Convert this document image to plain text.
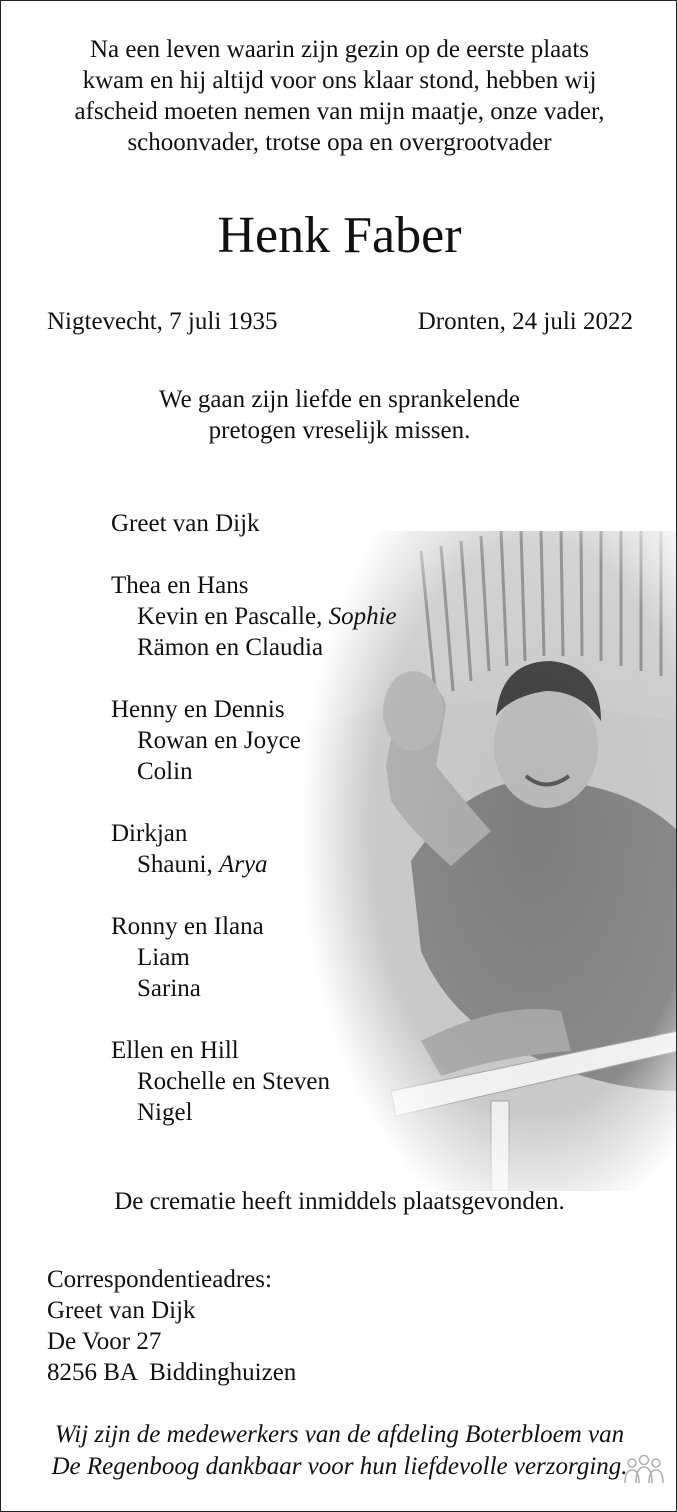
Na een leven waarin zijn gezin op de eerste plaats
kwam en hij altijd voor ons klaar stond, hebben wij
afscheid moeten nemen van mijn maatje, onze vader,
schoonvader, trotse opa en overgrootvader
Henk Faber
Nigtevecht, 7 juli 1935	Dronten, 24 juli 2022
We gaan zijn liefde en sprankelende
pretogen vreselijk missen.
Greet van Dijk
Thea en Hans
Kevin en Pascalle, Sophie
Rämon en Claudia
Henny en Dennis
Rowan en Joyce
Colin
Dirkjan
Shauni, Arya
Ronny en Ilana
Liam
Sarina
Ellen en Hill
Rochelle en Steven
Nigel
De crematie heeft inmiddels plaatsgevonden.
Correspondentieadres:
Greet van Dijk
De Voor 27
8256 BA  Biddinghuizen
Wij zijn de medewerkers van de afdeling Boterbloem van
De Regenboog dankbaar voor hun liefdevolle verzorging.
